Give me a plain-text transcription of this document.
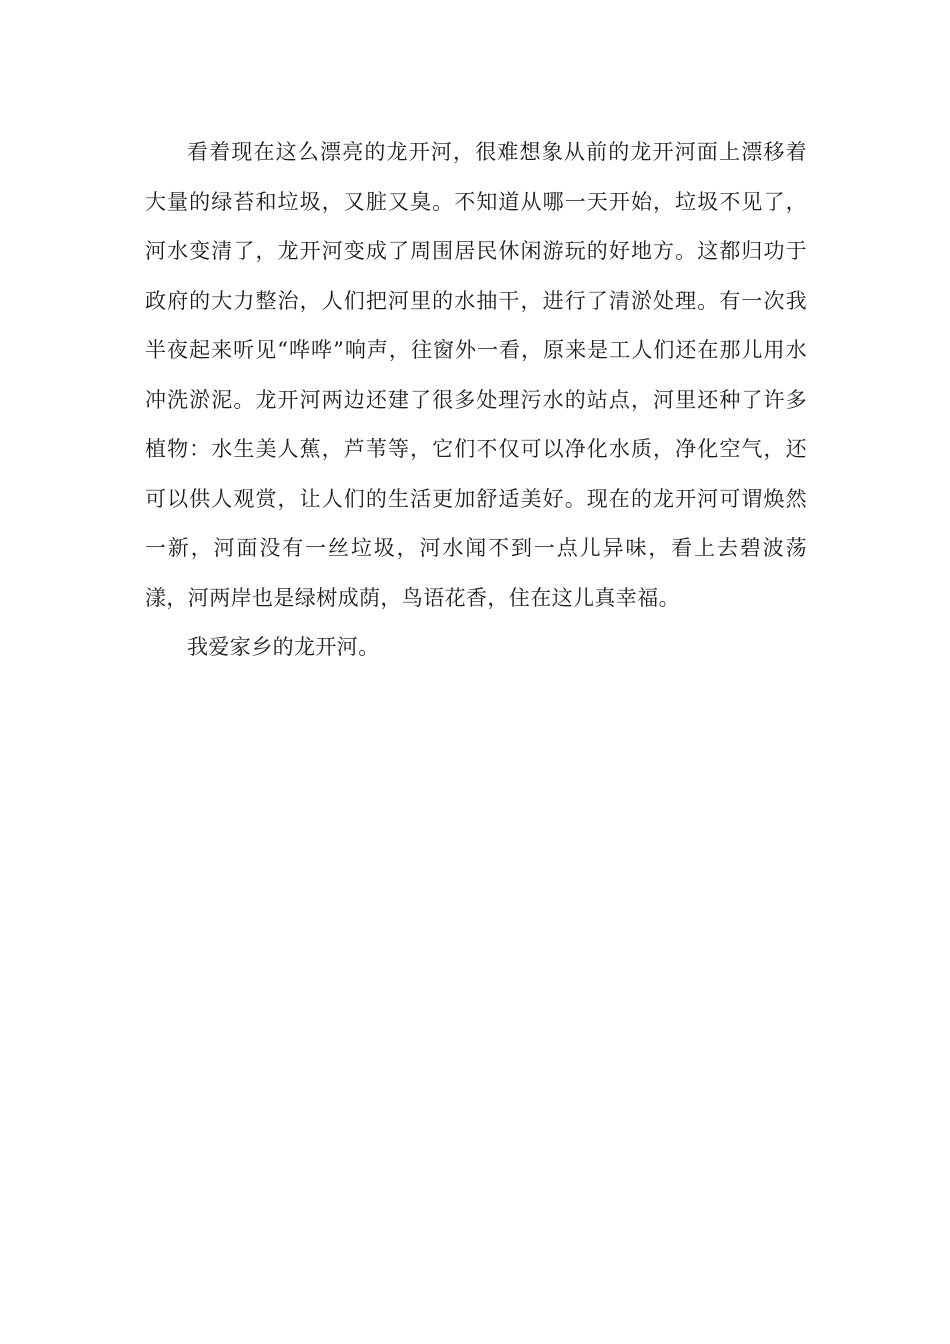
看着现在这么漂亮的龙开河，很难想象从前的龙开河面上漂移着大量的绿苔和垃圾，又脏又臭。不知道从哪一天开始，垃圾不见了，河水变清了，龙开河变成了周围居民休闲游玩的好地方。这都归功于政府的大力整治，人们把河里的水抽干，进行了清淤处理。有一次我半夜起来听见“哗哗”响声，往窗外一看，原来是工人们还在那儿用水冲洗淤泥。龙开河两边还建了很多处理污水的站点，河里还种了许多植物：水生美人蕉，芦苇等，它们不仅可以净化水质，净化空气，还可以供人观赏，让人们的生活更加舒适美好。现在的龙开河可谓焕然一新，河面没有一丝垃圾，河水闻不到一点儿异味，看上去碧波荡漾，河两岸也是绿树成荫，鸟语花香，住在这儿真幸福。

我爱家乡的龙开河。
